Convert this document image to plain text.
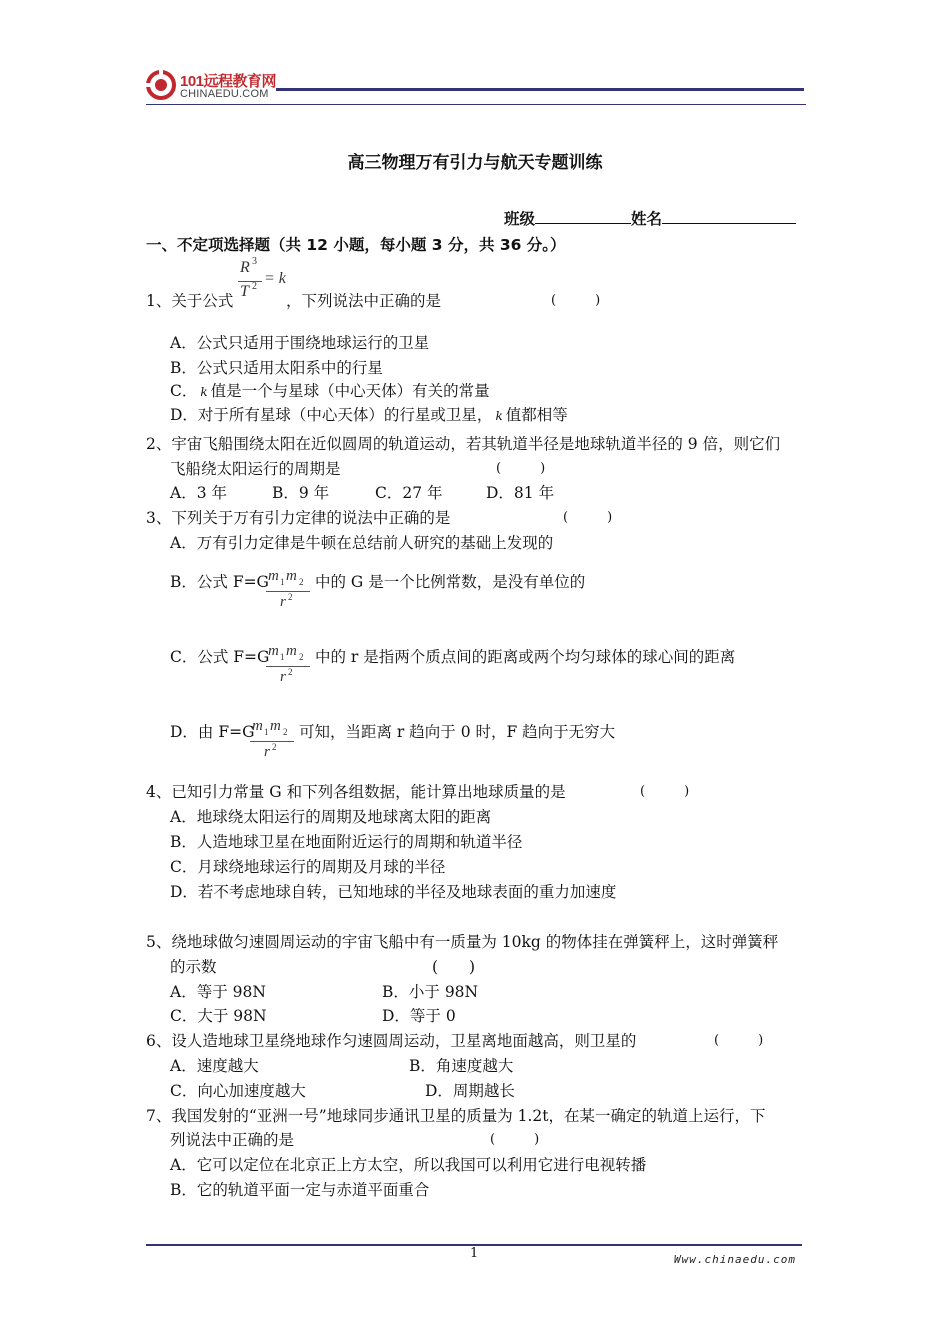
101远程教育网
CHINAEDU.COM
高三物理万有引力与航天专题训练
班级	姓名
一、不定项选择题（共 12 小题，每小题 3 分，共 36 分。）
1、关于公式
R 3
T 2 = k
，下列说法中正确的是	(　　　)
A．公式只适用于围绕地球运行的卫星
B．公式只适用太阳系中的行星
C． k 值是一个与星球（中心天体）有关的常量
D．对于所有星球（中心天体）的行星或卫星， k 值都相等
2、宇宙飞船围绕太阳在近似圆周的轨道运动，若其轨道半径是地球轨道半径的 9 倍，则它们
飞船绕太阳运行的周期是	(　　　)
A．3 年	B．9 年	C．27 年	D．81 年
3、下列关于万有引力定律的说法中正确的是	(　　　)
A．万有引力定律是牛顿在总结前人研究的基础上发现的
B．公式 F=G m 1 m 2
r 2
中的 G 是一个比例常数，是没有单位的
C．公式 F=G
m 1 m 2
r 2
中的 r 是指两个质点间的距离或两个均匀球体的球心间的距离
D．由 F=G
m 1 m 2
r 2
可知，当距离 r 趋向于 0 时，F 趋向于无穷大
4、已知引力常量 G 和下列各组数据，能计算出地球质量的是	(　　　)
A．地球绕太阳运行的周期及地球离太阳的距离
B．人造地球卫星在地面附近运行的周期和轨道半径
C．月球绕地球运行的周期及月球的半径
D．若不考虑地球自转，已知地球的半径及地球表面的重力加速度
5、绕地球做匀速圆周运动的宇宙飞船中有一质量为 10kg 的物体挂在弹簧秤上，这时弹簧秤
的示数	(　　)
A．等于 98N	B．小于 98N
C．大于 98N	D．等于 0
6、设人造地球卫星绕地球作匀速圆周运动，卫星离地面越高，则卫星的	(　　　)
A．速度越大	B．角速度越大
C．向心加速度越大	D．周期越长
7、我国发射的“亚洲一号”地球同步通讯卫星的质量为 1.2t，在某一确定的轨道上运行，下
列说法中正确的是	(　　　)
A．它可以定位在北京正上方太空，所以我国可以利用它进行电视转播
B．它的轨道平面一定与赤道平面重合
1	Www.chinaedu.com
